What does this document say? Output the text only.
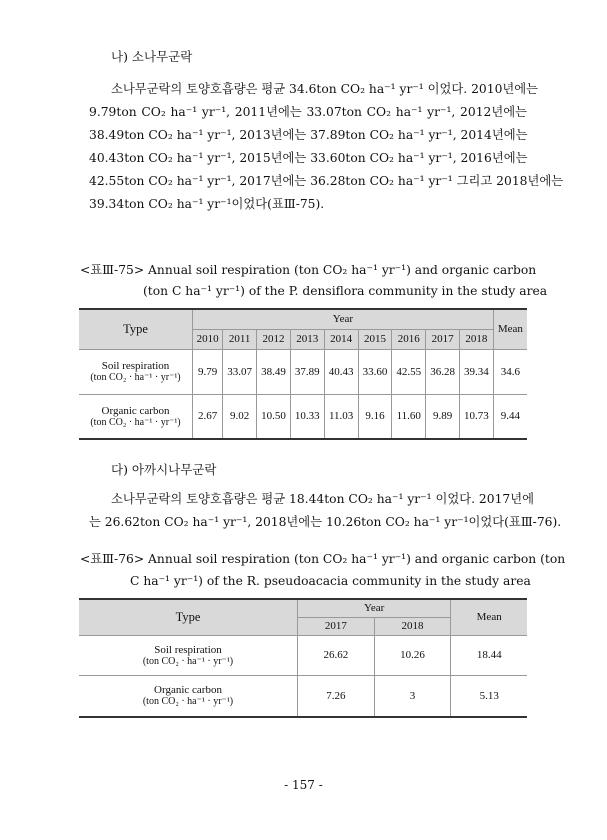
나) 소나무군락
소나무군락의 토양호흡량은 평균 34.6ton CO₂ ha⁻¹ yr⁻¹ 이었다. 2010년에는
9.79ton CO₂ ha⁻¹ yr⁻¹, 2011년에는 33.07ton CO₂ ha⁻¹ yr⁻¹, 2012년에는
38.49ton CO₂ ha⁻¹ yr⁻¹, 2013년에는 37.89ton CO₂ ha⁻¹ yr⁻¹, 2014년에는
40.43ton CO₂ ha⁻¹ yr⁻¹, 2015년에는 33.60ton CO₂ ha⁻¹ yr⁻¹, 2016년에는
42.55ton CO₂ ha⁻¹ yr⁻¹, 2017년에는 36.28ton CO₂ ha⁻¹ yr⁻¹ 그리고 2018년에는
39.34ton CO₂ ha⁻¹ yr⁻¹이었다(표Ⅲ-75).
<표Ⅲ-75> Annual soil respiration (ton CO₂ ha⁻¹ yr⁻¹) and organic carbon
(ton C ha⁻¹ yr⁻¹) of the P. densiflora community in the study area
Type	Year									Mean
	2010	2011	2012	2013	2014	2015	2016	2017	2018	

Soil respiration
(ton CO₂ · ha⁻¹ · yr⁻¹)	9.79	33.07	38.49	37.89	40.43	33.60	42.55	36.28	39.34	34.6

Organic carbon
(ton CO₂ · ha⁻¹ · yr⁻¹)	2.67	9.02	10.50	10.33	11.03	9.16	11.60	9.89	10.73	9.44
다) 아까시나무군락
소나무군락의 토양호흡량은 평균 18.44ton CO₂ ha⁻¹ yr⁻¹ 이었다. 2017년에
는 26.62ton CO₂ ha⁻¹ yr⁻¹, 2018년에는 10.26ton CO₂ ha⁻¹ yr⁻¹이었다(표Ⅲ-76).
<표Ⅲ-76> Annual soil respiration (ton CO₂ ha⁻¹ yr⁻¹) and organic carbon (ton
C ha⁻¹ yr⁻¹) of the R. pseudoacacia community in the study area
Type	Year		Mean
	2017	2018	

Soil respiration
(ton CO₂ · ha⁻¹ · yr⁻¹)	26.62	10.26	18.44

Organic carbon
(ton CO₂ · ha⁻¹ · yr⁻¹)	7.26	3	5.13
- 157 -
